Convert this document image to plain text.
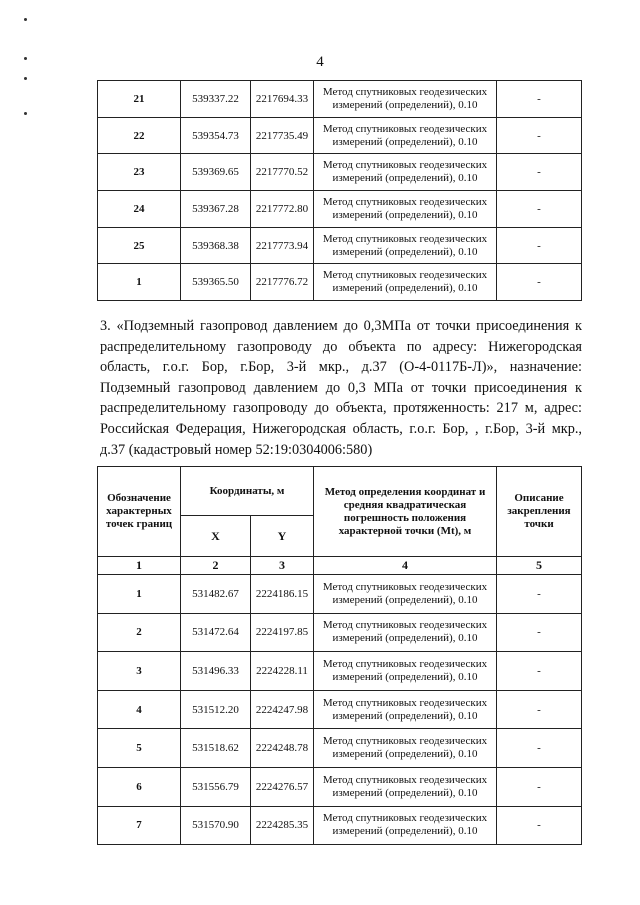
4
21	539337.22	2217694.33	Метод спутниковых геодезических измерений (определений), 0.10	-
22	539354.73	2217735.49	Метод спутниковых геодезических измерений (определений), 0.10	-
23	539369.65	2217770.52	Метод спутниковых геодезических измерений (определений), 0.10	-
24	539367.28	2217772.80	Метод спутниковых геодезических измерений (определений), 0.10	-
25	539368.38	2217773.94	Метод спутниковых геодезических измерений (определений), 0.10	-
1	539365.50	2217776.72	Метод спутниковых геодезических измерений (определений), 0.10	-

3. «Подземный газопровод давлением до 0,3МПа от точки присоединения к распределительному газопроводу до объекта по адресу: Нижегородская область, г.о.г. Бор, г.Бор, 3-й мкр., д.37 (О-4-0117Б-Л)», назначение: Подземный газопровод давлением до 0,3 МПа от точки присоединения к распределительному газопроводу до объекта, протяженность: 217 м, адрес: Российская Федерация, Нижегородская область, г.о.г. Бор, , г.Бор, 3-й мкр., д.37 (кадастровый номер 52:19:0304006:580)

Обозначение характерных точек границ	Координаты, м		Метод определения координат и средняя квадратическая погрешность положения характерной точки (Mt), м	Описание закрепления точки
	X	Y		
1	2	3	4	5
1	531482.67	2224186.15	Метод спутниковых геодезических измерений (определений), 0.10	-
2	531472.64	2224197.85	Метод спутниковых геодезических измерений (определений), 0.10	-
3	531496.33	2224228.11	Метод спутниковых геодезических измерений (определений), 0.10	-
4	531512.20	2224247.98	Метод спутниковых геодезических измерений (определений), 0.10	-
5	531518.62	2224248.78	Метод спутниковых геодезических измерений (определений), 0.10	-
6	531556.79	2224276.57	Метод спутниковых геодезических измерений (определений), 0.10	-
7	531570.90	2224285.35	Метод спутниковых геодезических измерений (определений), 0.10	-
